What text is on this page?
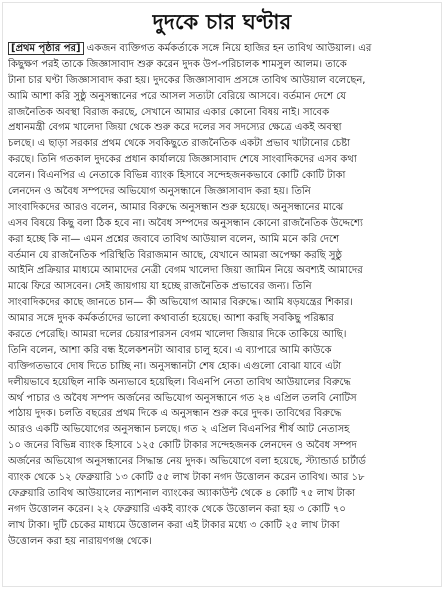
দুদকে চার ঘণ্টার
[প্রথম পৃষ্ঠার পর] একজন ব্যক্তিগত কর্মকর্তাকে সঙ্গে নিয়ে হাজির হন তাবিথ আউয়াল। এর
কিছুক্ষণ পরই তাকে জিজ্ঞাসাবাদ শুরু করেন দুদক উপ-পরিচালক শামসুল আলম। তাকে
টানা চার ঘণ্টা জিজ্ঞাসাবাদ করা হয়। দুদকের জিজ্ঞাসাবাদ প্রসঙ্গে তাবিথ আউয়াল বলেছেন,
আমি আশা করি সুষ্ঠু অনুসন্ধানের পরে আসল সত্যটা বেরিয়ে আসবে। বর্তমান দেশে যে
রাজনৈতিক অবস্থা বিরাজ করছে, সেখানে আমার একার কোনো বিষয় নাই। সাবেক
প্রধানমন্ত্রী বেগম খালেদা জিয়া থেকে শুরু করে দলের সব সদস্যের ক্ষেত্রে একই অবস্থা
চলছে। এ ছাড়া সরকার প্রথম থেকে সবকিছুতে রাজনৈতিক একটা প্রভাব খাটানোর চেষ্টা
করছে। তিনি গতকাল দুদকের প্রধান কার্যালয়ে জিজ্ঞাসাবাদ শেষে সাংবাদিকদের এসব কথা
বলেন। বিএনপির এ নেতাকে বিভিন্ন ব্যাংক হিসাবে সন্দেহজনকভাবে কোটি কোটি টাকা
লেনদেন ও অবৈধ সম্পদের অভিযোগ অনুসন্ধানে জিজ্ঞাসাবাদ করা হয়। তিনি
সাংবাদিকদের আরও বলেন, আমার বিরুদ্ধে অনুসন্ধান শুরু হয়েছে। অনুসন্ধানের মাঝে
এসব বিষয়ে কিছু বলা ঠিক হবে না। অবৈধ সম্পদের অনুসন্ধান কোনো রাজনৈতিক উদ্দেশ্যে
করা হচ্ছে কি না— এমন প্রশ্নের জবাবে তাবিথ আউয়াল বলেন, আমি মনে করি দেশে
বর্তমান যে রাজনৈতিক পরিস্থিতি বিরাজমান আছে, যেখানে আমরা অপেক্ষা করছি সুষ্ঠু
আইনি প্রক্রিয়ার মাধ্যমে আমাদের নেত্রী বেগম খালেদা জিয়া জামিন নিয়ে অবশ্যই আমাদের
মাঝে ফিরে আসবেন। সেই জায়গায় যা হচ্ছে রাজনৈতিক প্রভাবের জন্য। তিনি
সাংবাদিকদের কাছে জানতে চান— কী অভিযোগ আমার বিরুদ্ধে। আমি ষড়যন্ত্রের শিকার।
আমার সঙ্গে দুদক কর্মকর্তাদের ভালো কথাবার্তা হয়েছে। আশা করছি সবকিছু পরিষ্কার
করতে পেরেছি। আমরা দলের চেয়ারপারসন বেগম খালেদা জিয়ার দিকে তাকিয়ে আছি।
তিনি বলেন, আশা করি বন্ধ ইলেকশনটা আবার চালু হবে। এ ব্যাপারে আমি কাউকে
ব্যক্তিগতভাবে দোষ দিতে চাচ্ছি না। অনুসন্ধানটা শেষ হোক। এগুলো বোঝা যাবে এটা
দলীয়ভাবে হয়েছিল নাকি অন্যভাবে হয়েছিল। বিএনপি নেতা তাবিথ আউয়ালের বিরুদ্ধে
অর্থ পাচার ও অবৈধ সম্পদ অর্জনের অভিযোগ অনুসন্ধানে গত ২৪ এপ্রিল তলবি নোটিস
পাঠায় দুদক। চলতি বছরের প্রথম দিকে এ অনুসন্ধান শুরু করে দুদক। তাবিথের বিরুদ্ধে
আরও একটি অভিযোগের অনুসন্ধান চলছে। গত ২ এপ্রিল বিএনপির শীর্ষ আট নেতাসহ
১০ জনের বিভিন্ন ব্যাংক হিসাবে ১২৫ কোটি টাকার সন্দেহজনক লেনদেন ও অবৈধ সম্পদ
অর্জনের অভিযোগ অনুসন্ধানের সিদ্ধান্ত নেয় দুদক। অভিযোগে বলা হয়েছে, স্ট্যান্ডার্ড চার্টার্ড
ব্যাংক থেকে ১২ ফেব্রুয়ারি ১৩ কোটি ৫৫ লাখ টাকা নগদ উত্তোলন করেন তাবিথ। আর ১৮
ফেব্রুয়ারি তাবিথ আউয়ালের ন্যাশনাল ব্যাংকের অ্যাকাউন্ট থেকে ৪ কোটি ৭৫ লাখ টাকা
নগদ উত্তোলন করেন। ২২ ফেব্রুয়ারি একই ব্যাংক থেকে উত্তোলন করা হয় ৩ কোটি ৭০
লাখ টাকা। দুটি চেকের মাধ্যমে উত্তোলন করা এই টাকার মধ্যে ৩ কোটি ২৫ লাখ টাকা
উত্তোলন করা হয় নারায়ণগঞ্জ থেকে।
